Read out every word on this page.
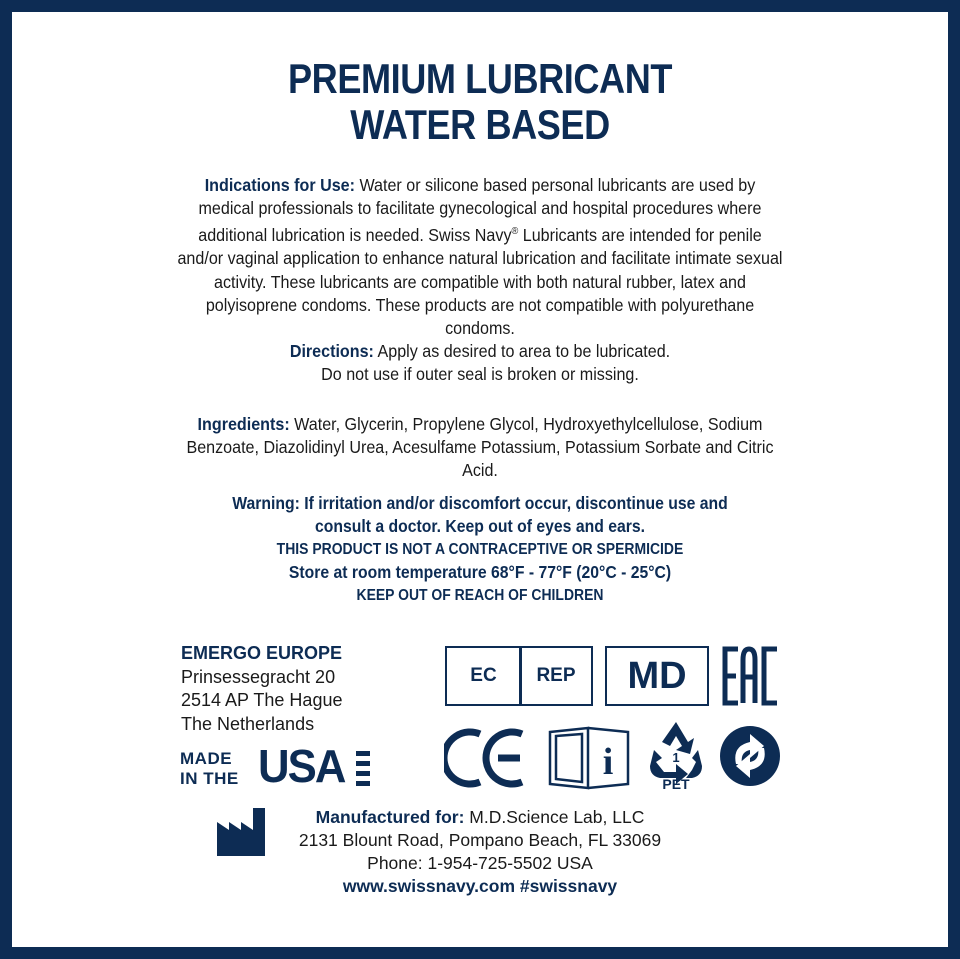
PREMIUM LUBRICANT
WATER BASED
Indications for Use: Water or silicone based personal lubricants are used by medical professionals to facilitate gynecological and hospital procedures where additional lubrication is needed. Swiss Navy® Lubricants are intended for penile and/or vaginal application to enhance natural lubrication and facilitate intimate sexual activity. These lubricants are compatible with both natural rubber, latex and polyisoprene condoms. These products are not compatible with polyurethane condoms.
Directions: Apply as desired to area to be lubricated.
Do not use if outer seal is broken or missing.
Ingredients: Water, Glycerin, Propylene Glycol, Hydroxyethylcellulose, Sodium Benzoate, Diazolidinyl Urea, Acesulfame Potassium, Potassium Sorbate and Citric Acid.
Warning: If irritation and/or discomfort occur, discontinue use and
consult a doctor. Keep out of eyes and ears.
THIS PRODUCT IS NOT A CONTRACEPTIVE OR SPERMICIDE
Store at room temperature 68°F - 77°F (20°C - 25°C)
KEEP OUT OF REACH OF CHILDREN
EMERGO EUROPE
Prinsessegracht 20
2514 AP The Hague
The Netherlands
MADE
IN THE USA
EC	REP	MD
i	1
PET
Manufactured for: M.D.Science Lab, LLC
2131 Blount Road, Pompano Beach, FL 33069
Phone: 1-954-725-5502 USA
www.swissnavy.com #swissnavy
